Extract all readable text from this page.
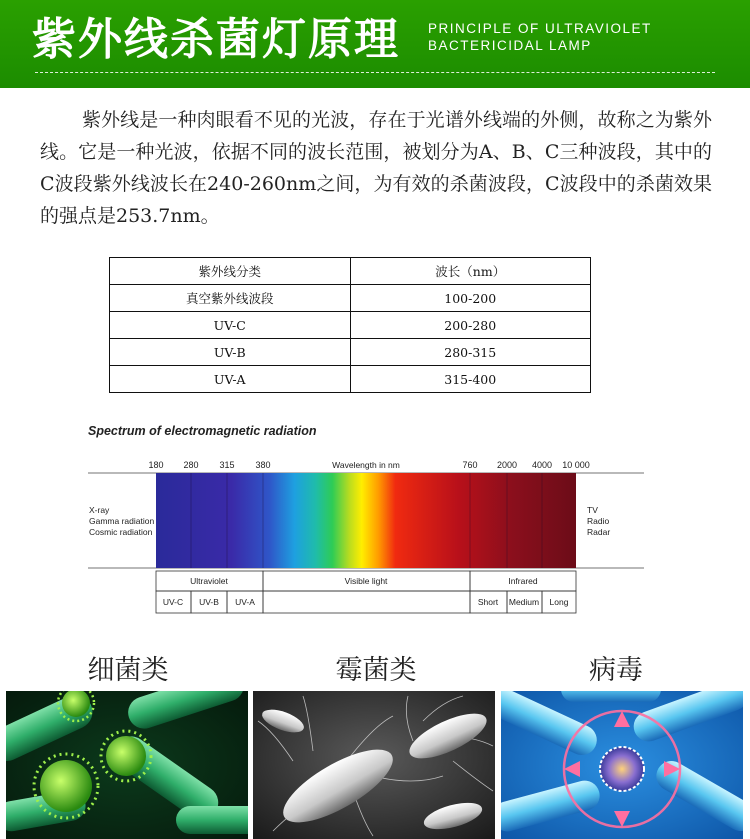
紫外线杀菌灯原理 PRINCIPLE OF ULTRAVIOLET
BACTERICIDAL LAMP

紫外线是一种肉眼看不见的光波，存在于光谱外线端的外侧，故称之为紫外线。它是一种光波，依据不同的波长范围，被划分为A、B、C三种波段，其中的C波段紫外线波长在240-260nm之间，为有效的杀菌波段，C波段中的杀菌效果的强点是253.7nm。

紫外线分类	波长（nm）
真空紫外线波段	100-200
UV-C	200-280
UV-B	280-315
UV-A	315-400
Spectrum of electromagnetic radiation
180 280 315 380	Wavelength in nm	760 2000 4000 10 000
X-ray
Gamma radiation
Cosmic radiation
TV
Radio
Radar
Ultraviolet	Visible light	Infrared
UV-C UV-B UV-A	Short Medium Long
细菌类	霉菌类	病毒
